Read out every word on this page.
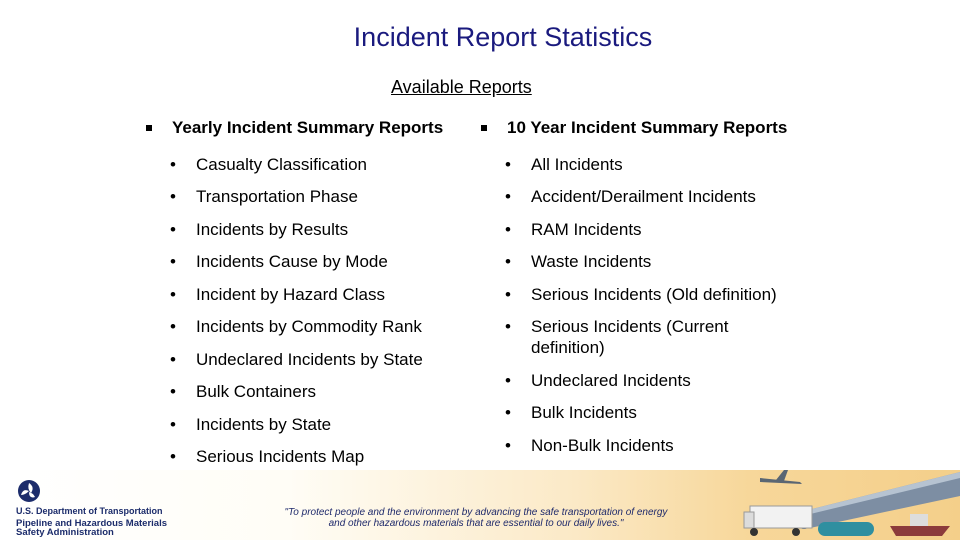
Incident Report Statistics
Available Reports
Yearly Incident Summary Reports
• Casualty Classification
• Transportation Phase
• Incidents by Results
• Incidents Cause by Mode
• Incident by Hazard Class
• Incidents by Commodity Rank
• Undeclared Incidents by State
• Bulk Containers
• Incidents by State
• Serious Incidents Map
10 Year Incident Summary Reports
• All Incidents
• Accident/Derailment Incidents
• RAM Incidents
• Waste Incidents
• Serious Incidents (Old definition)
• Serious Incidents (Current definition)
• Undeclared Incidents
• Bulk Incidents
• Non-Bulk Incidents
U.S. Department of Transportation
Pipeline and Hazardous Materials
Safety Administration
"To protect people and the environment by advancing the safe transportation of energy
and other hazardous materials that are essential to our daily lives."
